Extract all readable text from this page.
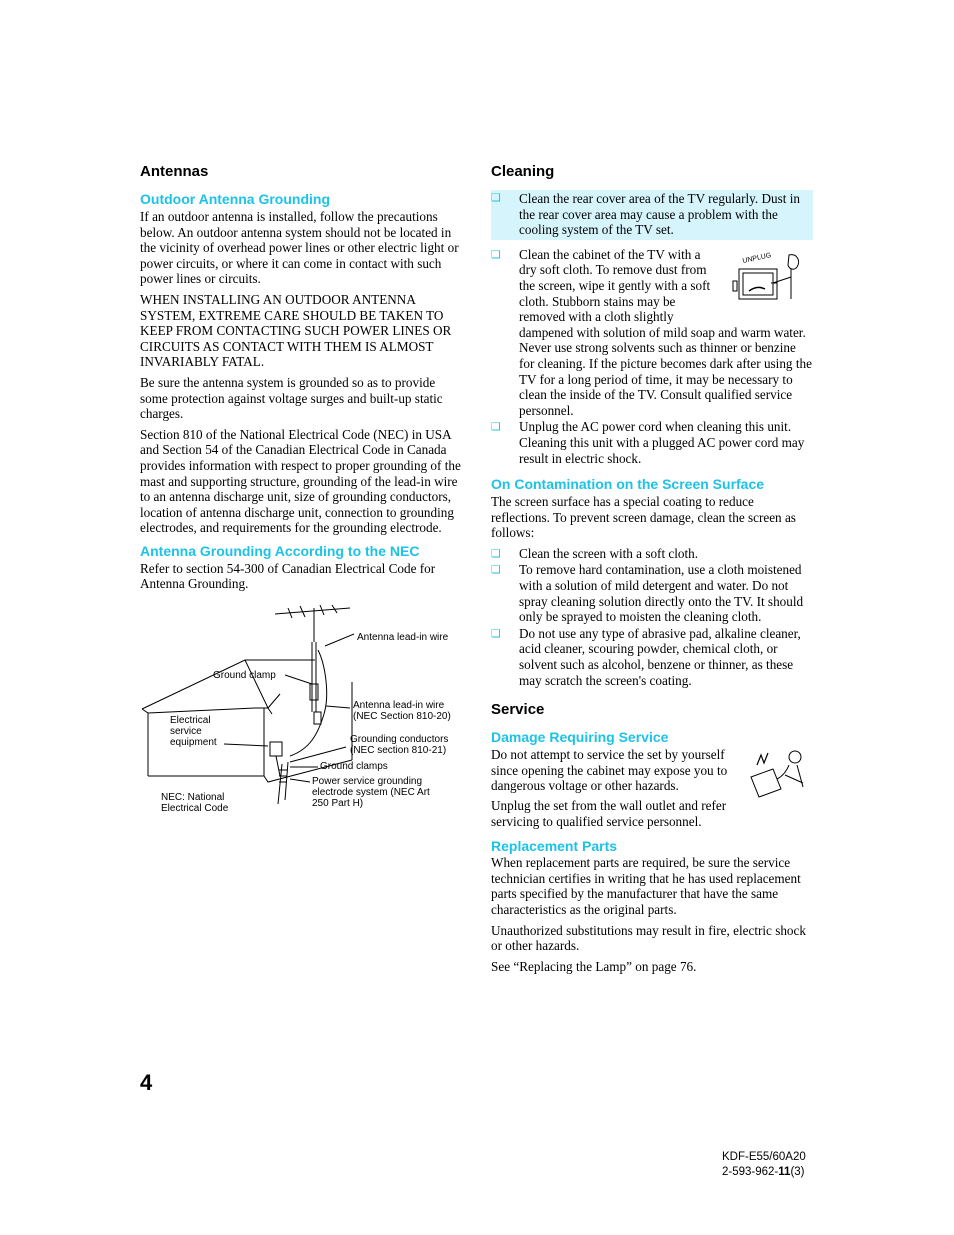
Antennas
Outdoor Antenna Grounding

If an outdoor antenna is installed, follow the precautions below. An outdoor antenna system should not be located in the vicinity of overhead power lines or other electric light or power circuits, or where it can come in contact with such power lines or circuits.

WHEN INSTALLING AN OUTDOOR ANTENNA SYSTEM, EXTREME CARE SHOULD BE TAKEN TO KEEP FROM CONTACTING SUCH POWER LINES OR CIRCUITS AS CONTACT WITH THEM IS ALMOST INVARIABLY FATAL.

Be sure the antenna system is grounded so as to provide some protection against voltage surges and built-up static charges.

Section 810 of the National Electrical Code (NEC) in USA and Section 54 of the Canadian Electrical Code in Canada provides information with respect to proper grounding of the mast and supporting structure, grounding of the lead-in wire to an antenna discharge unit, size of grounding conductors, location of antenna discharge unit, connection to grounding electrodes, and requirements for the grounding electrode.

Antenna Grounding According to the NEC

Refer to section 54-300 of Canadian Electrical Code for Antenna Grounding.

Antenna lead-in wire
Ground clamp
Antenna lead-in wire
(NEC Section 810-20)
Electrical
service
equipment	Grounding conductors
(NEC section 810-21)
Ground clamps
Power service grounding
electrode system (NEC Art
250 Part H)
NEC: National
Electrical Code
Cleaning
❏ Clean the rear cover area of the TV regularly. Dust in the rear cover area may cause a problem with the cooling system of the TV set.
❏	UNPLUG
Clean the cabinet of the TV with a
dry soft cloth. To remove dust from
the screen, wipe it gently with a soft
cloth. Stubborn stains may be
removed with a cloth slightly
dampened with solution of mild soap and warm water. Never use strong solvents such as thinner or benzine for cleaning. If the picture becomes dark after using the TV for a long period of time, it may be necessary to clean the inside of the TV. Consult qualified service personnel.
❏ Unplug the AC power cord when cleaning this unit. Cleaning this unit with a plugged AC power cord may result in electric shock.
On Contamination on the Screen Surface

The screen surface has a special coating to reduce reflections. To prevent screen damage, clean the screen as follows:

❏ Clean the screen with a soft cloth.
❏ To remove hard contamination, use a cloth moistened with a solution of mild detergent and water. Do not spray cleaning solution directly onto the TV. It should only be sprayed to moisten the cleaning cloth.
❏ Do not use any type of abrasive pad, alkaline cleaner, acid cleaner, scouring powder, chemical cloth, or solvent such as alcohol, benzene or thinner, as these may scratch the screen's coating.
Service
Damage Requiring Service
Do not attempt to service the set by yourself
since opening the cabinet may expose you to
dangerous voltage or other hazards.
Unplug the set from the wall outlet and refer
servicing to qualified service personnel.
Replacement Parts

When replacement parts are required, be sure the service technician certifies in writing that he has used replacement parts specified by the manufacturer that have the same characteristics as the original parts.

Unauthorized substitutions may result in fire, electric shock or other hazards.

See “Replacing the Lamp” on page 76.

4
KDF-E55/60A20
2-593-962-11(3)
